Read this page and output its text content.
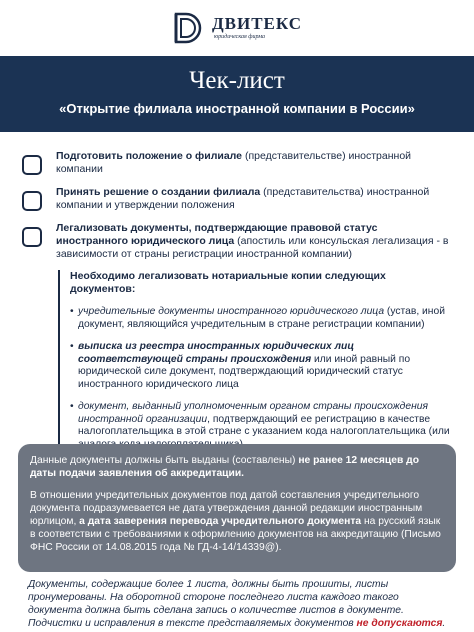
ДВИТЕКС
юридическая фирма
Чек-лист
«Открытие филиала иностранной компании в России»
Подготовить положение о филиале (представительстве) иностранной компании
Принять решение о создании филиала (представительства) иностранной компании и утверждении положения
Легализовать документы, подтверждающие правовой статус иностранного юридического лица (апостиль или консульская легализация - в зависимости от страны регистрации иностранной компании)
Необходимо легализовать нотариальные копии следующих документов:
• учредительные документы иностранного юридического лица (устав, иной документ, являющийся учредительным в стране регистрации компании)
• выписка из реестра иностранных юридических лиц соответствующей страны происхождения или иной равный по юридической силе документ, подтверждающий юридический статус иностранного юридического лица
• документ, выданный уполномоченным органом страны происхождения иностранной организации, подтверждающий ее регистрацию в качестве налогоплательщика в этой стране с указанием кода налогоплательщика (или

Данные документы должны быть выданы (составлены) не ранее 12 месяцев до даты подачи заявления об аккредитации.

В отношении учредительных документов под датой составления учредительного документа подразумевается не дата утверждения данной редакции иностранным юрлицом, а дата заверения перевода учредительного документа на русский язык в соответствии с требованиями к оформлению документов на аккредитацию (Письмо ФНС России от 14.08.2015 года № ГД-4-14/14339@).

Документы, содержащие более 1 листа, должны быть прошиты, листы пронумерованы. На оборотной стороне последнего листа каждого такого документа должна быть сделана запись о количестве листов в документе. Подчистки и исправления в тексте представляемых документов не допускаются.
